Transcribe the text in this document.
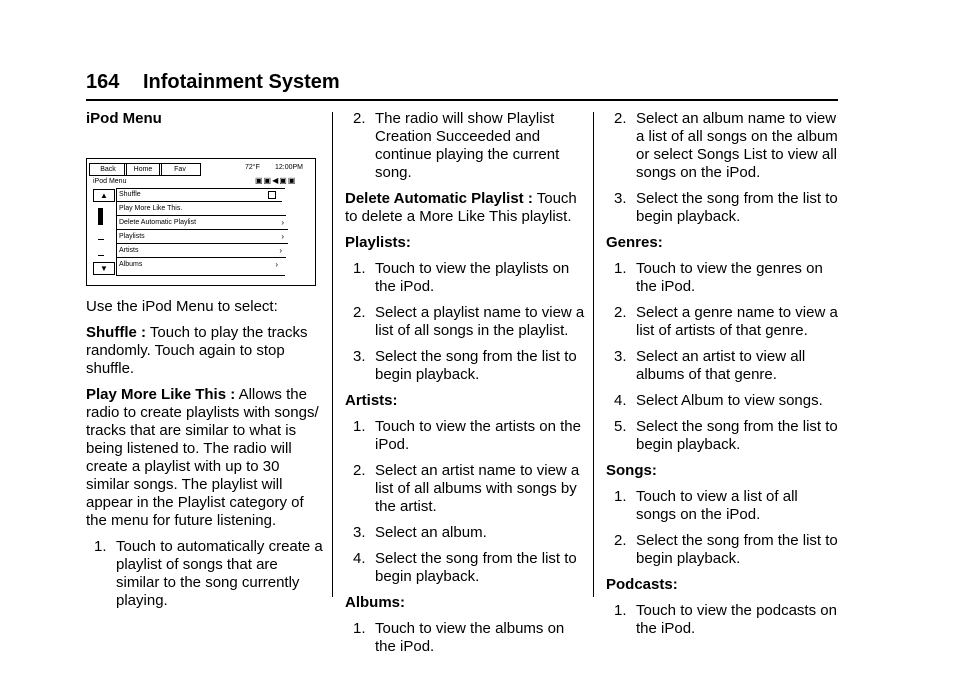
164 Infotainment System
iPod Menu
Back	Home	Fav	72°F 12:00PM
iPod Menu	▣▣◀▣▣
▲
▼
Shuffle
Play More Like This.
Delete Automatic Playlist	›
Playlists	›
Artists	›
Albums	›

Use the iPod Menu to select:

Shuffle : Touch to play the tracks randomly. Touch again to stop shuffle.

Play More Like This : Allows the radio to create playlists with songs/ tracks that are similar to what is being listened to. The radio will create a playlist with up to 30 similar songs. The playlist will appear in the Playlist category of the menu for future listening.

1. Touch to automatically create a playlist of songs that are similar to the song currently playing.
2. The radio will show Playlist Creation Succeeded and continue playing the current song.

Delete Automatic Playlist : Touch to delete a More Like This playlist.

Playlists:
1. Touch to view the playlists on the iPod.
2. Select a playlist name to view a list of all songs in the playlist.
3. Select the song from the list to begin playback.
Artists:
1. Touch to view the artists on the iPod.
2. Select an artist name to view a list of all albums with songs by the artist.
3. Select an album.
4. Select the song from the list to begin playback.
Albums:
1. Touch to view the albums on the iPod.
2. Select an album name to view a list of all songs on the album or select Songs List to view all songs on the iPod.
3. Select the song from the list to begin playback.
Genres:
1. Touch to view the genres on the iPod.
2. Select a genre name to view a list of artists of that genre.
3. Select an artist to view all albums of that genre.
4. Select Album to view songs.
5. Select the song from the list to begin playback.
Songs:
1. Touch to view a list of all songs on the iPod.
2. Select the song from the list to begin playback.
Podcasts:
1. Touch to view the podcasts on the iPod.
